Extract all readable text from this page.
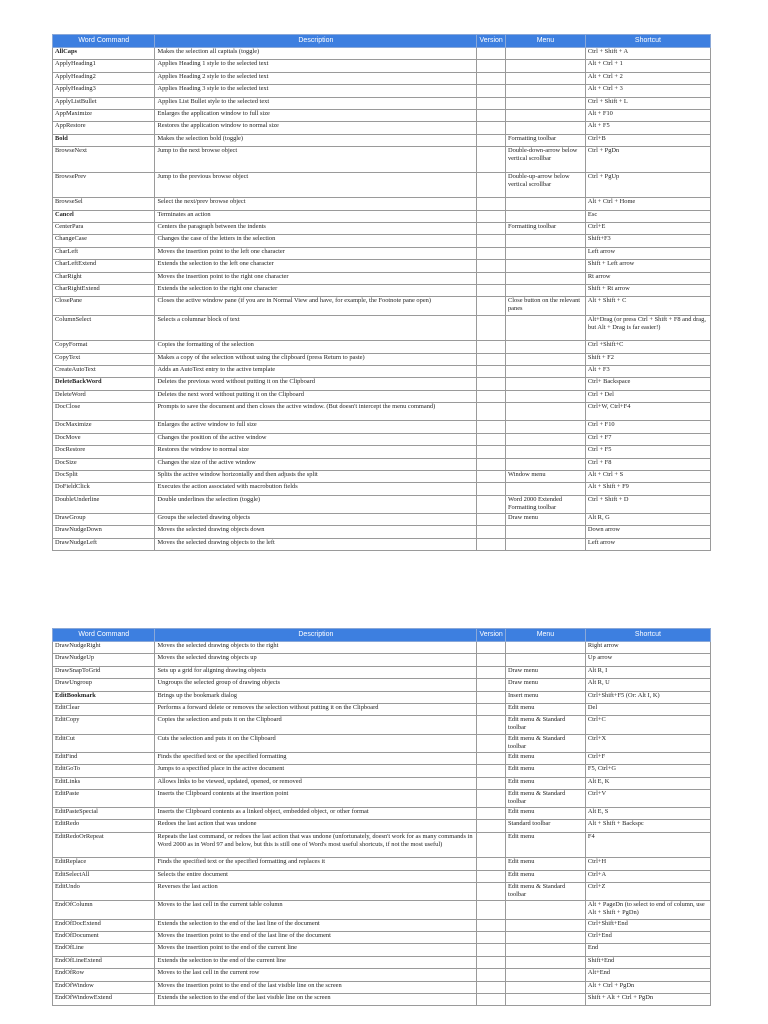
Word Command	Description	Version	Menu	Shortcut
AllCaps	Makes the selection all capitals (toggle)			Ctrl + Shift + A
ApplyHeading1	Applies Heading 1 style to the selected text			Alt + Ctrl + 1
ApplyHeading2	Applies Heading 2 style to the selected text			Alt + Ctrl + 2
ApplyHeading3	Applies Heading 3 style to the selected text			Alt + Ctrl + 3
ApplyListBullet	Applies List Bullet style to the selected text			Ctrl + Shift + L
AppMaximize	Enlarges the application window to full size			Alt + F10
AppRestore	Restores the application window to normal size			Alt + F5
Bold	Makes the selection bold (toggle)		Formatting toolbar	Ctrl+B
BrowseNext	Jump to the next browse object		Double-down-arrow below vertical scrollbar	Ctrl + PgDn
BrowsePrev	Jump to the previous browse object		Double-up-arrow below vertical scrollbar	Ctrl + PgUp
BrowseSel	Select the next/prev browse object			Alt + Ctrl + Home
Cancel	Terminates an action			Esc
CenterPara	Centers the paragraph between the indents		Formatting toolbar	Ctrl+E
ChangeCase	Changes the case of the letters in the selection			Shift+F3
CharLeft	Moves the insertion point to the left one character			Left arrow
CharLeftExtend	Extends the selection to the left one character			Shift + Left arrow
CharRight	Moves the insertion point to the right one character			Rt arrow
CharRightExtend	Extends the selection to the right one character			Shift + Rt arrow
ClosePane	Closes the active window pane (if you are in Normal View and have, for example, the Footnote pane open)		Close button on the relevant panes	Alt + Shift + C
ColumnSelect	Selects a columnar block of text			Alt+Drag (or press Ctrl + Shift + F8 and drag, but Alt + Drag is far easier!)
CopyFormat	Copies the formatting of the selection			Ctrl +Shift+C
CopyText	Makes a copy of the selection without using the clipboard (press Return to paste)			Shift + F2
CreateAutoText	Adds an AutoText entry to the active template			Alt + F3
DeleteBackWord	Deletes the previous word without putting it on the Clipboard			Ctrl+ Backspace
DeleteWord	Deletes the next word without putting it on the Clipboard			Ctrl + Del
DocClose	Prompts to save the document and then closes the active window. (But doesn't intercept the menu command)			Ctrl+W, Ctrl+F4
DocMaximize	Enlarges the active window to full size			Ctrl + F10
DocMove	Changes the position of the active window			Ctrl + F7
DocRestore	Restores the window to normal size			Ctrl + F5
DocSize	Changes the size of the active window			Ctrl + F8
DocSplit	Splits the active window horizontally and then adjusts the split		Window menu	Alt + Ctrl + S
DoFieldClick	Executes the action associated with macrobutton fields			Alt + Shift + F9
DoubleUnderline	Double underlines the selection (toggle)		Word 2000 Extended Formatting toolbar	Ctrl + Shift + D
DrawGroup	Groups the selected drawing objects		Draw menu	Alt R, G
DrawNudgeDown	Moves the selected drawing objects down			Down arrow
DrawNudgeLeft	Moves the selected drawing objects to the left			Left arrow
Word Command	Description	Version	Menu	Shortcut
DrawNudgeRight	Moves the selected drawing objects to the right			Right arrow
DrawNudgeUp	Moves the selected drawing objects up			Up arrow
DrawSnapToGrid	Sets up a grid for aligning drawing objects		Draw menu	Alt R, I
DrawUngroup	Ungroups the selected group of drawing objects		Draw menu	Alt R, U
EditBookmark	Brings up the bookmark dialog		Insert menu	Ctrl+Shift+F5 (Or: Alt I, K)
EditClear	Performs a forward delete or removes the selection without putting it on the Clipboard		Edit menu	Del
EditCopy	Copies the selection and puts it on the Clipboard		Edit menu & Standard toolbar	Ctrl+C
EditCut	Cuts the selection and puts it on the Clipboard		Edit menu & Standard toolbar	Ctrl+X
EditFind	Finds the specified text or the specified formatting		Edit menu	Ctrl+F
EditGoTo	Jumps to a specified place in the active document		Edit menu	F5, Ctrl+G
EditLinks	Allows links to be viewed, updated, opened, or removed		Edit menu	Alt E, K
EditPaste	Inserts the Clipboard contents at the insertion point		Edit menu & Standard toolbar	Ctrl+V
EditPasteSpecial	Inserts the Clipboard contents as a linked object, embedded object, or other format		Edit menu	Alt E, S
EditRedo	Redoes the last action that was undone		Standard toolbar	Alt + Shift + Backspc
EditRedoOrRepeat	Repeats the last command, or redoes the last action that was undone (unfortunately, doesn't work for as many commands in Word 2000 as in Word 97 and below, but this is still one of Word's most useful shortcuts, if not the most useful)		Edit menu	F4
EditReplace	Finds the specified text or the specified formatting and replaces it		Edit menu	Ctrl+H
EditSelectAll	Selects the entire document		Edit menu	Ctrl+A
EditUndo	Reverses the last action		Edit menu & Standard toolbar	Ctrl+Z
EndOfColumn	Moves to the last cell in the current table column			Alt + PageDn (to select to end of column, use Alt + Shift + PgDn)
EndOfDocExtend	Extends the selection to the end of the last line of the document			Ctrl+Shift+End
EndOfDocument	Moves the insertion point to the end of the last line of the document			Ctrl+End
EndOfLine	Moves the insertion point to the end of the current line			End
EndOfLineExtend	Extends the selection to the end of the current line			Shift+End
EndOfRow	Moves to the last cell in the current row			Alt+End
EndOfWindow	Moves the insertion point to the end of the last visible line on the screen			Alt + Ctrl + PgDn
EndOfWindowExtend	Extends the selection to the end of the last visible line on the screen			Shift + Alt + Ctrl + PgDn
